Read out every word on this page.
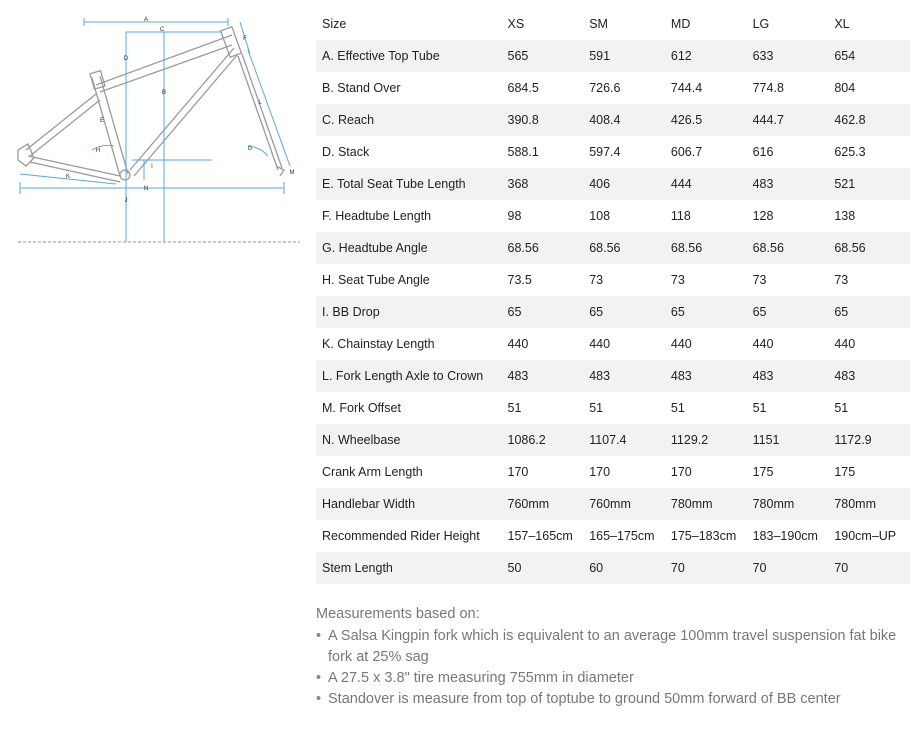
A
B
C
D
E
F
G
H
I
J
K
L
M
N
Size	XS	SM	MD	LG	XL
A. Effective Top Tube	565	591	612	633	654
B. Stand Over	684.5	726.6	744.4	774.8	804
C. Reach	390.8	408.4	426.5	444.7	462.8
D. Stack	588.1	597.4	606.7	616	625.3
E. Total Seat Tube Length	368	406	444	483	521
F. Headtube Length	98	108	118	128	138
G. Headtube Angle	68.56	68.56	68.56	68.56	68.56
H. Seat Tube Angle	73.5	73	73	73	73
I. BB Drop	65	65	65	65	65
K. Chainstay Length	440	440	440	440	440
L. Fork Length Axle to Crown	483	483	483	483	483
M. Fork Offset	51	51	51	51	51
N. Wheelbase	1086.2	1107.4	1129.2	1151	1172.9
Crank Arm Length	170	170	170	175	175
Handlebar Width	760mm	760mm	780mm	780mm	780mm
Recommended Rider Height	157–165cm	165–175cm	175–183cm	183–190cm	190cm–UP
Stem Length	50	60	70	70	70
Measurements based on:
• A Salsa Kingpin fork which is equivalent to an average 100mm travel suspension fat bike fork at 25% sag
• A 27.5 x 3.8" tire measuring 755mm in diameter
• Standover is measure from top of toptube to ground 50mm forward of BB center
